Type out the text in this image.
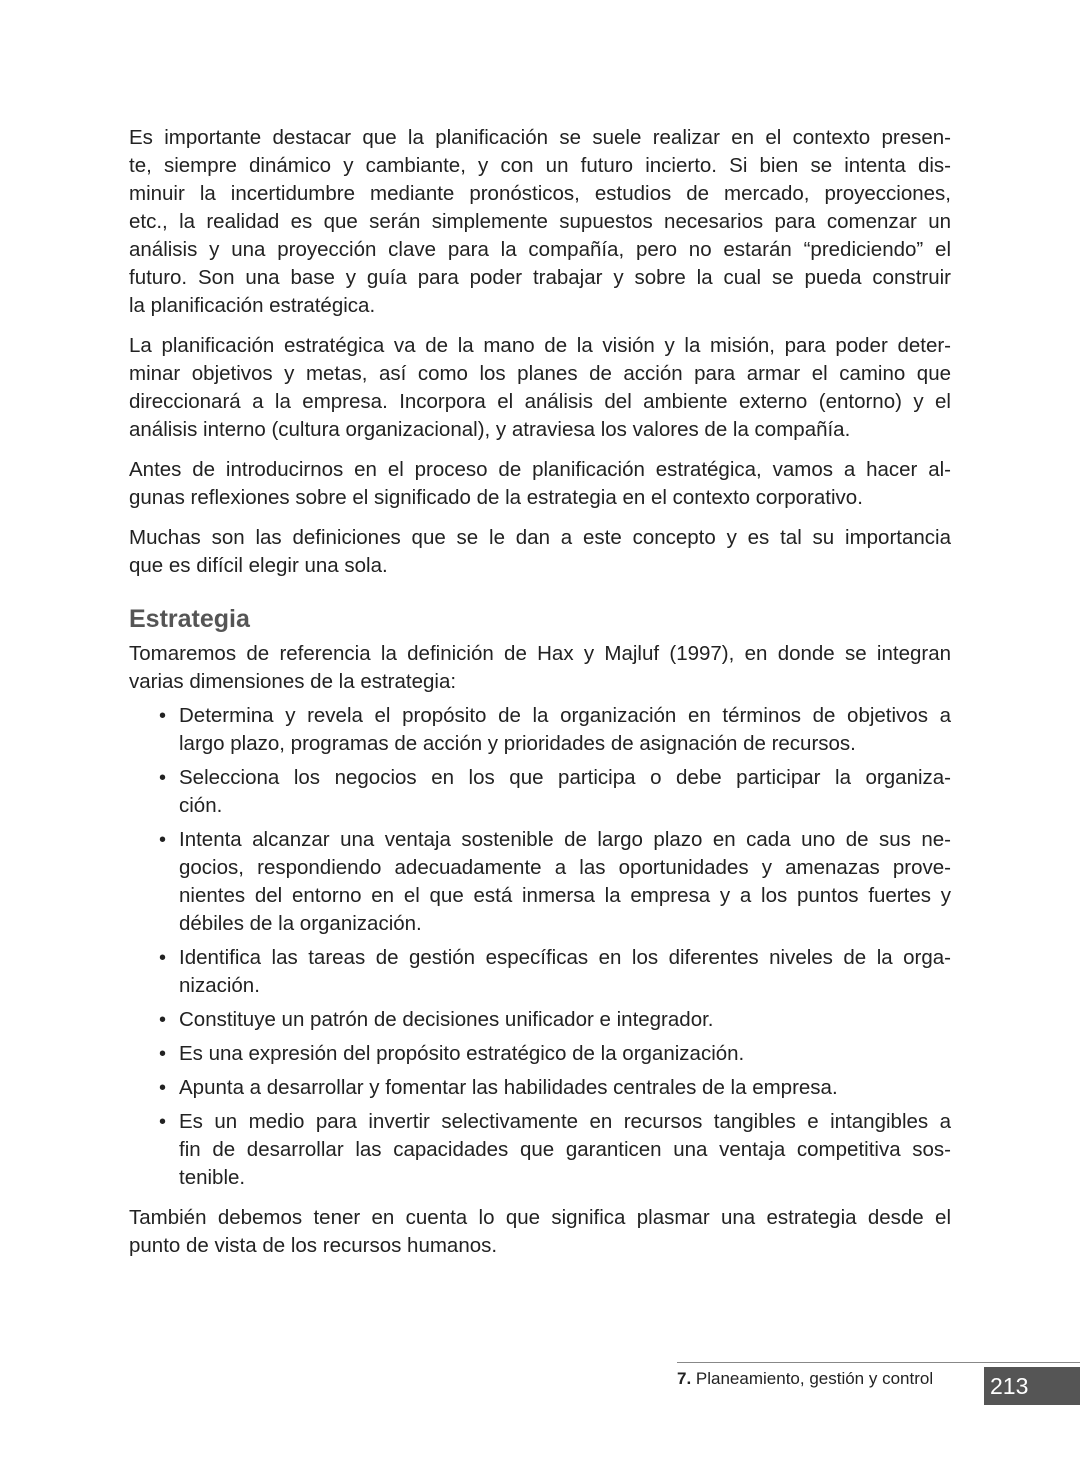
Es importante destacar que la planificación se suele realizar en el contexto presen-
te, siempre dinámico y cambiante, y con un futuro incierto. Si bien se intenta dis-
minuir la incertidumbre mediante pronósticos, estudios de mercado, proyecciones,
etc., la realidad es que serán simplemente supuestos necesarios para comenzar un
análisis y una proyección clave para la compañía, pero no estarán “prediciendo” el
futuro. Son una base y guía para poder trabajar y sobre la cual se pueda construir
la planificación estratégica.
La planificación estratégica va de la mano de la visión y la misión, para poder deter-
minar objetivos y metas, así como los planes de acción para armar el camino que
direccionará a la empresa. Incorpora el análisis del ambiente externo (entorno) y el
análisis interno (cultura organizacional), y atraviesa los valores de la compañía.
Antes de introducirnos en el proceso de planificación estratégica, vamos a hacer al-
gunas reflexiones sobre el significado de la estrategia en el contexto corporativo.
Muchas son las definiciones que se le dan a este concepto y es tal su importancia
que es difícil elegir una sola.
Estrategia
Tomaremos de referencia la definición de Hax y Majluf (1997), en donde se integran
varias dimensiones de la estrategia:
• Determina y revela el propósito de la organización en términos de objetivos a
largo plazo, programas de acción y prioridades de asignación de recursos.
• Selecciona los negocios en los que participa o debe participar la organiza-
ción.
• Intenta alcanzar una ventaja sostenible de largo plazo en cada uno de sus ne-
gocios, respondiendo adecuadamente a las oportunidades y amenazas prove-
nientes del entorno en el que está inmersa la empresa y a los puntos fuertes y
débiles de la organización.
• Identifica las tareas de gestión específicas en los diferentes niveles de la orga-
nización.
• Constituye un patrón de decisiones unificador e integrador.
• Es una expresión del propósito estratégico de la organización.
• Apunta a desarrollar y fomentar las habilidades centrales de la empresa.
• Es un medio para invertir selectivamente en recursos tangibles e intangibles a
fin de desarrollar las capacidades que garanticen una ventaja competitiva sos-
tenible.
También debemos tener en cuenta lo que significa plasmar una estrategia desde el
punto de vista de los recursos humanos.
7. Planeamiento, gestión y control 213
